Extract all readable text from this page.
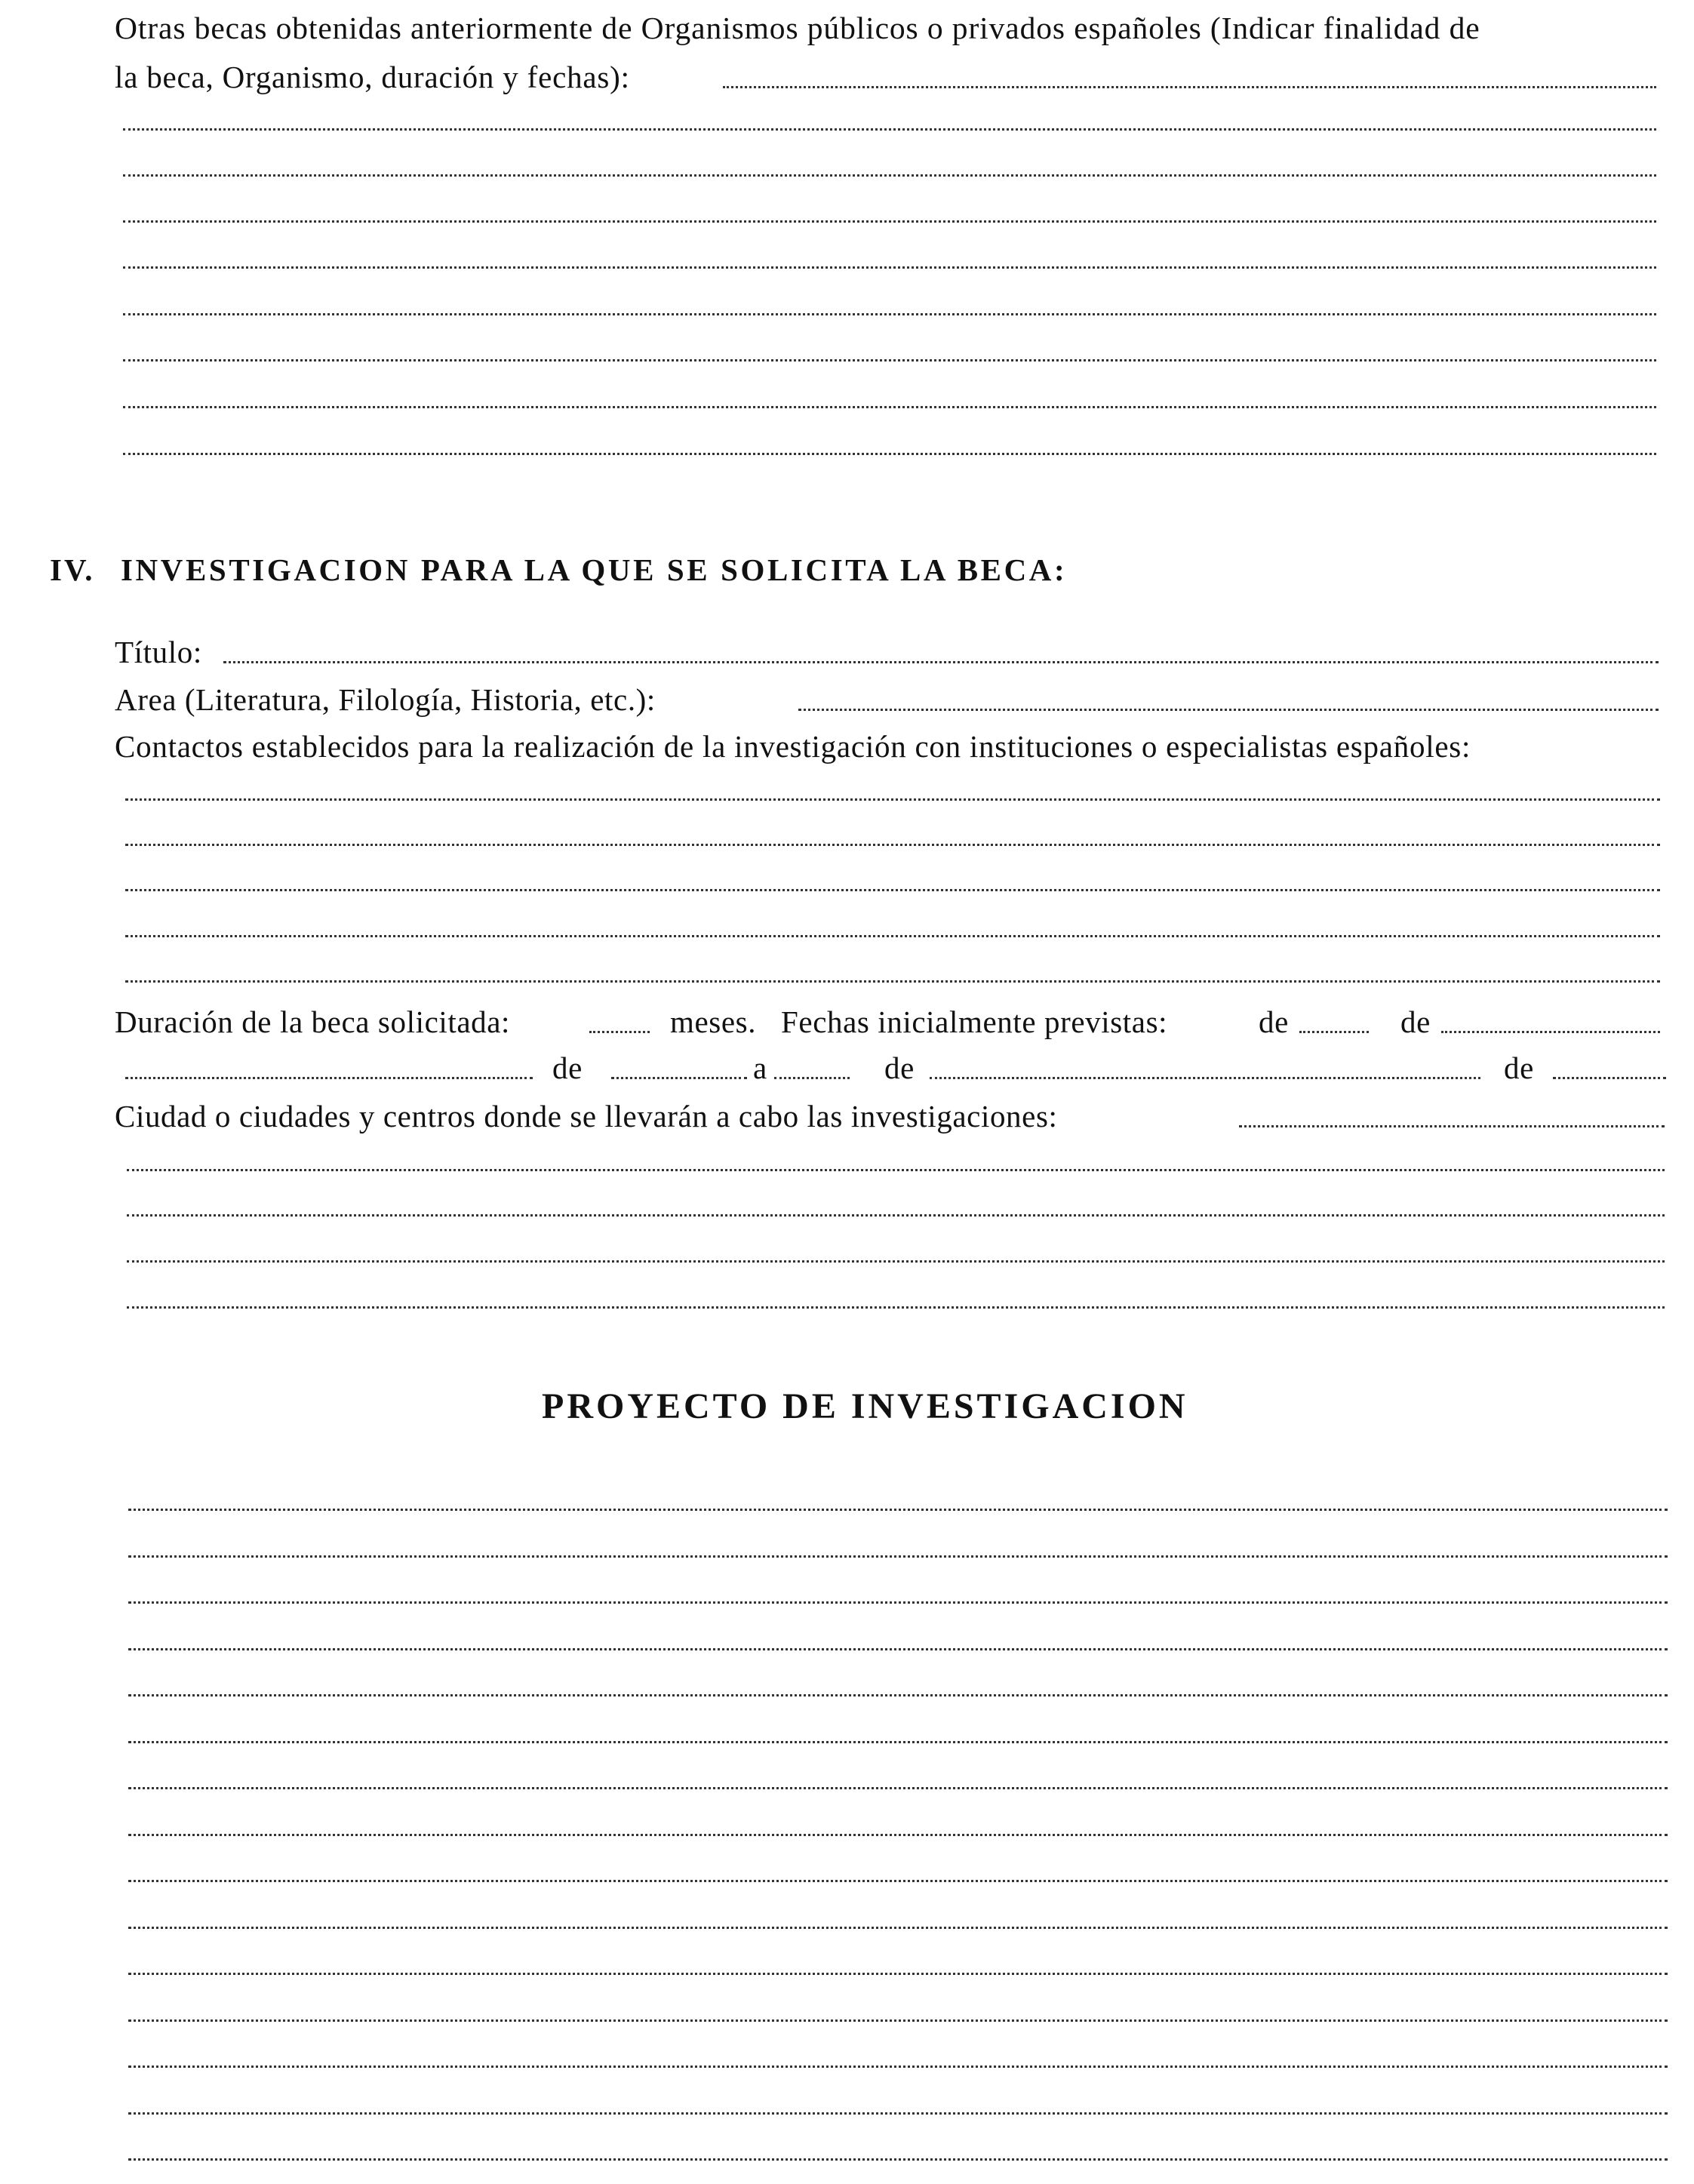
Otras becas obtenidas anteriormente de Organismos públicos o privados españoles (Indicar finalidad de
la beca, Organismo, duración y fechas):
IV. INVESTIGACION PARA LA QUE SE SOLICITA LA BECA:
Título:
Area (Literatura, Filología, Historia, etc.):
Contactos establecidos para la realización de la investigación con instituciones o especialistas españoles:
Duración de la beca solicitada:	meses. Fechas inicialmente previstas:	de	de
de	a	de	de
Ciudad o ciudades y centros donde se llevarán a cabo las investigaciones:
PROYECTO DE INVESTIGACION
